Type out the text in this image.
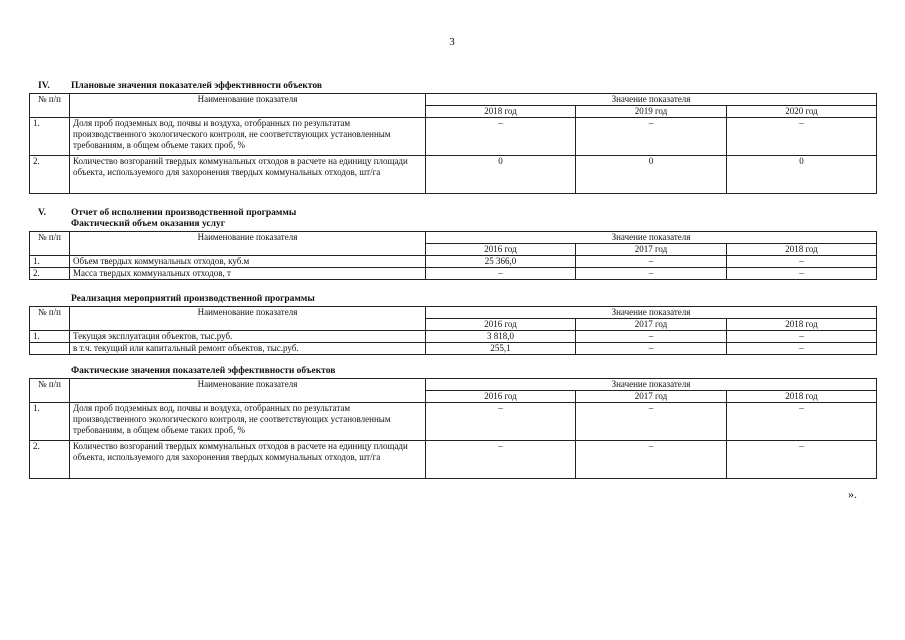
3
IV. Плановые значения показателей эффективности объектов
№ п/п	Наименование показателя	Значение показателя		
		2018 год	2019 год	2020 год
1.	Доля проб подземных вод, почвы и воздуха, отобранных по результатам производственного экологического контроля, не соответствующих установленным требованиям, в общем объеме таких проб, %	–	–	–
2.	Количество возгораний твердых коммунальных отходов в расчете на единицу площади объекта, используемого для захоронения твердых коммунальных отходов, шт/га	0	0	0
V.	Отчет об исполнении производственной программы
Фактический объем оказания услуг
№ п/п	Наименование показателя	Значение показателя		
		2016 год	2017 год	2018 год
1.	Объем твердых коммунальных отходов, куб.м	25 366,0	–	–
2.	Масса твердых коммунальных отходов, т	–	–	–
Реализация мероприятий производственной программы
№ п/п	Наименование показателя	Значение показателя		
		2016 год	2017 год	2018 год
1.	Текущая эксплуатация объектов, тыс.руб.	3 818,0	–	–
	в т.ч. текущий или капитальный ремонт объектов, тыс.руб.	255,1	–	–
Фактические значения показателей эффективности объектов
№ п/п	Наименование показателя	Значение показателя		
		2016 год	2017 год	2018 год
1.	Доля проб подземных вод, почвы и воздуха, отобранных по результатам производственного экологического контроля, не соответствующих установленным требованиям, в общем объеме таких проб, %	–	–	–
2.	Количество возгораний твердых коммунальных отходов в расчете на единицу площади объекта, используемого для захоронения твердых коммунальных отходов, шт/га	–	–	–
».
